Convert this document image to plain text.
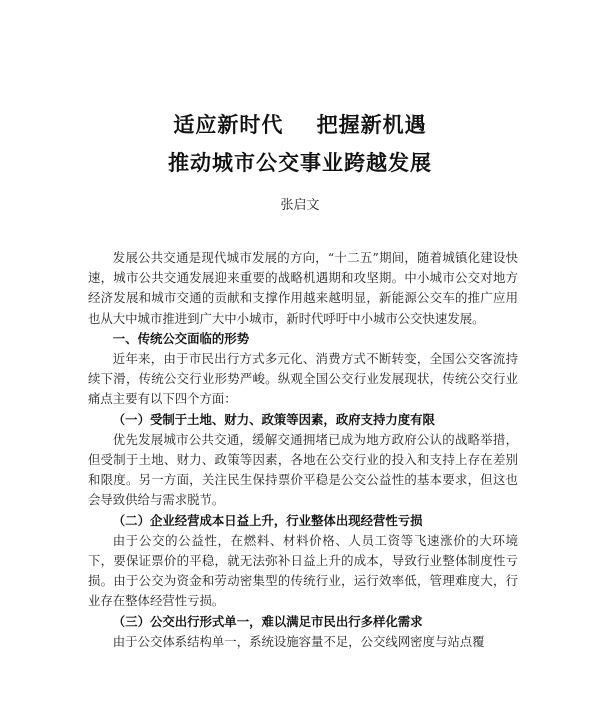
适应新时代    把握新机遇
推动城市公交事业跨越发展
张启文

发展公共交通是现代城市发展的方向，“十二五”期间，随着城镇化建设快速，城市公共交通发展迎来重要的战略机遇期和攻坚期。中小城市公交对地方经济发展和城市交通的贡献和支撑作用越来越明显，新能源公交车的推广应用也从大中城市推进到广大中小城市，新时代呼吁中小城市公交快速发展。

一、传统公交面临的形势

近年来，由于市民出行方式多元化、消费方式不断转变，全国公交客流持续下滑，传统公交行业形势严峻。纵观全国公交行业发展现状，传统公交行业痛点主要有以下四个方面：

（一）受制于土地、财力、政策等因素，政府支持力度有限

优先发展城市公共交通，缓解交通拥堵已成为地方政府公认的战略举措，但受制于土地、财力、政策等因素，各地在公交行业的投入和支持上存在差别和限度。另一方面，关注民生保持票价平稳是公交公益性的基本要求，但这也会导致供给与需求脱节。

（二）企业经营成本日益上升，行业整体出现经营性亏损

由于公交的公益性，在燃料、材料价格、人员工资等飞速涨价的大环境下，要保证票价的平稳，就无法弥补日益上升的成本，导致行业整体制度性亏损。由于公交为资金和劳动密集型的传统行业，运行效率低，管理难度大，行业存在整体经营性亏损。

（三）公交出行形式单一，难以满足市民出行多样化需求

由于公交体系结构单一，系统设施容量不足，公交线网密度与站点覆
